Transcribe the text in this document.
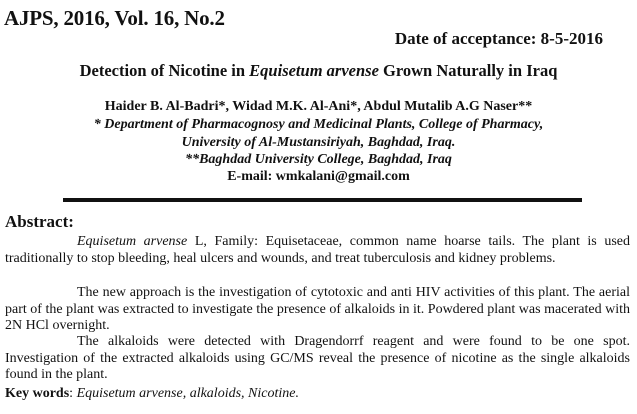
AJPS, 2016, Vol. 16, No.2
Date of acceptance: 8-5-2016
Detection of Nicotine in Equisetum arvense Grown Naturally in Iraq
Haider B. Al-Badri*, Widad M.K. Al-Ani*, Abdul Mutalib A.G Naser**
* Department of Pharmacognosy and Medicinal Plants, College of Pharmacy,
University of Al-Mustansiriyah, Baghdad, Iraq.
**Baghdad University College, Baghdad, Iraq
E-mail: wmkalani@gmail.com
Abstract:
Equisetum arvense L, Family: Equisetaceae, common name hoarse tails. The plant is used traditionally to stop bleeding, heal ulcers and wounds, and treat tuberculosis and kidney problems.
The new approach is the investigation of cytotoxic and anti HIV activities of this plant. The aerial part of the plant was extracted to investigate the presence of alkaloids in it. Powdered plant was macerated with 2N HCl overnight.
The alkaloids were detected with Dragendorrf reagent and were found to be one spot. Investigation of the extracted alkaloids using GC/MS reveal the presence of nicotine as the single alkaloids found in the plant.
Key words: Equisetum arvense, alkaloids, Nicotine.
